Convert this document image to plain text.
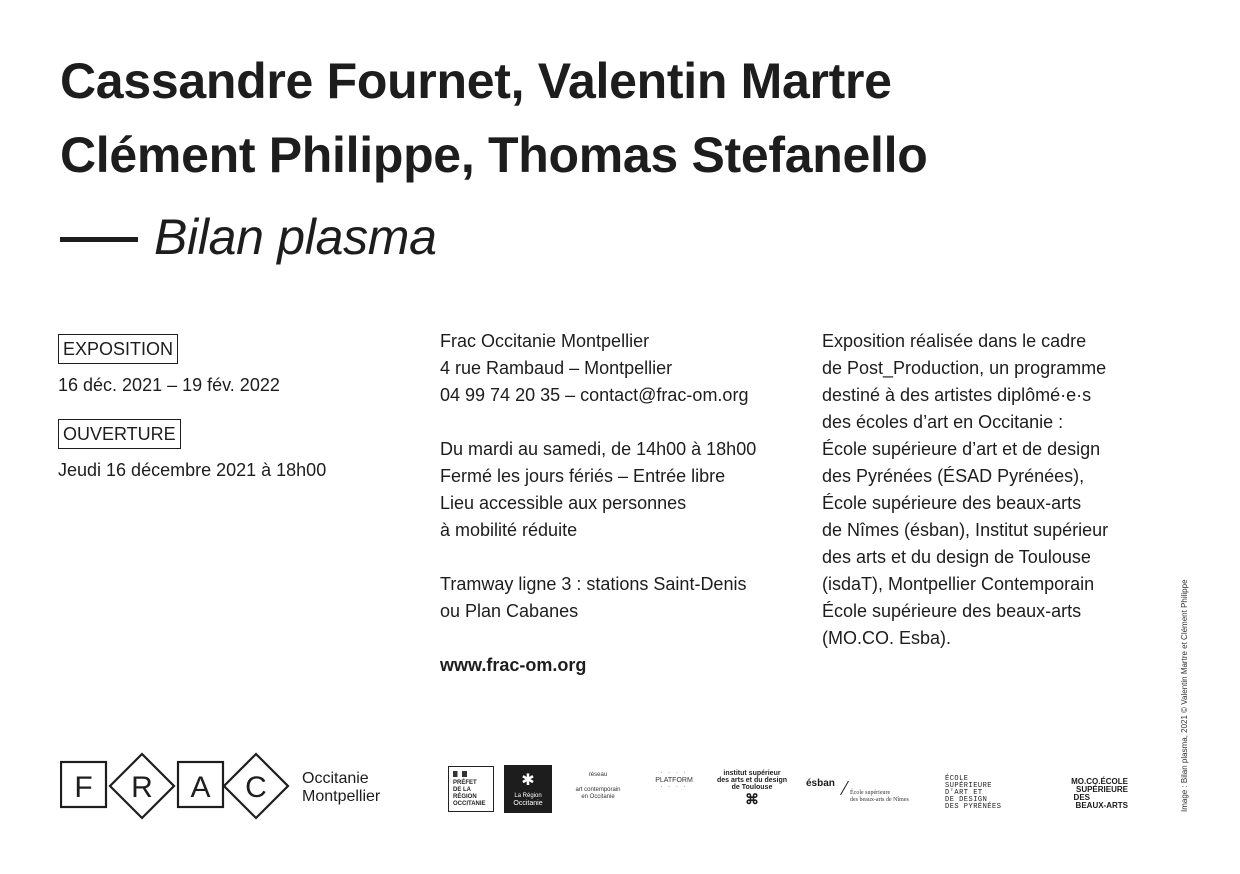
Cassandre Fournet, Valentin Martre
Clément Philippe, Thomas Stefanello
Bilan plasma
EXPOSITION
16 déc. 2021 – 19 fév. 2022
OUVERTURE
Jeudi 16 décembre 2021 à 18h00
Frac Occitanie Montpellier
4 rue Rambaud – Montpellier
04 99 74 20 35 – contact@frac-om.org
Du mardi au samedi, de 14h00 à 18h00
Fermé les jours fériés – Entrée libre
Lieu accessible aux personnes
à mobilité réduite
Tramway ligne 3 : stations Saint-Denis
ou Plan Cabanes
www.frac-om.org
Exposition réalisée dans le cadre
de Post_Production, un programme
destiné à des artistes diplômé·e·s
des écoles d’art en Occitanie :
École supérieure d’art et de design
des Pyrénées (ÉSAD Pyrénées),
École supérieure des beaux-arts
de Nîmes (ésban), Institut supérieur
des arts et du design de Toulouse
(isdaT), Montpellier Contemporain
École supérieure des beaux-arts
(MO.CO. Esba).	Image : Bilan plasma, 2021 © Valentin Martre et Clément Philippe
F R A C Occitanie
Montpellier
PRÉFET
DE LA RÉGION
OCCITANIE
✱
La Région
Occitanie
réseau
art contemporain
en Occitanie
· · · ·
PLATFORM
· · · ·
institut supérieur
des arts et du design
de Toulouse
⌘
ésban
École supérieure
des beaux-arts de Nîmes
ÉCOLE
SUPÉRIEURE
D'ART ET
DE DESIGN
DES PYRÉNÉES
MO.CO.ÉCOLE
SUPÉRIEURE
DES
BEAUX-ARTS
